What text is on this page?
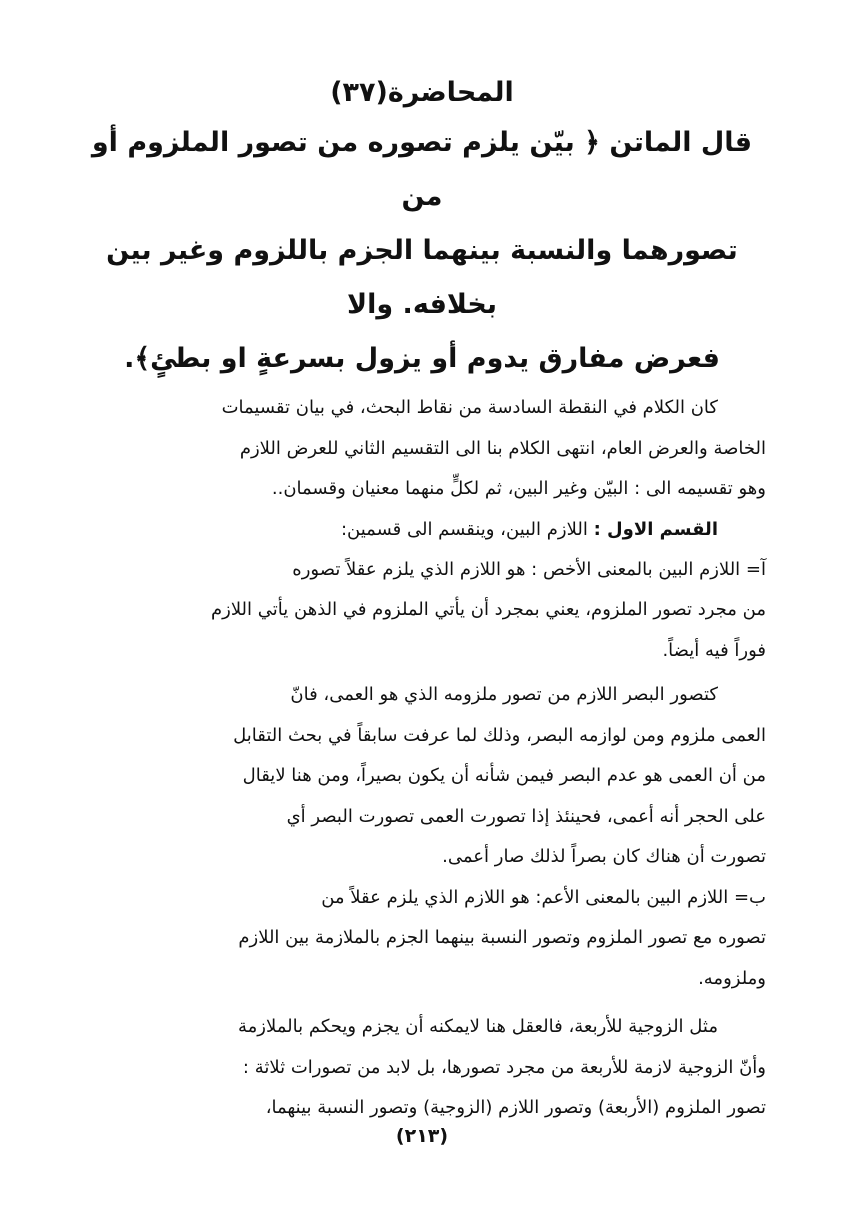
المحاضرة(٣٧)
قال الماتن ﴿ بيّن يلزم تصوره من تصور الملزوم أو من
تصورهما والنسبة بينهما الجزم باللزوم وغير بين بخلافه. والا
فعرض مفارق يدوم أو يزول بسرعةٍ او بطئٍ﴾.
كان الكلام في النقطة السادسة من نقاط البحث، في بيان تقسيمات
الخاصة والعرض العام، انتهى الكلام بنا الى التقسيم الثاني للعرض اللازم
وهو تقسيمه الى : البيّن وغير البين، ثم لكلٍّ منهما معنيان وقسمان..

القسم الاول : اللازم البين، وينقسم الى قسمين:

آ= اللازم البين بالمعنى الأخص : هو اللازم الذي يلزم عقلاً تصوره
من مجرد تصور الملزوم، يعني بمجرد أن يأتي الملزوم في الذهن يأتي اللازم
فوراً فيه أيضاً.
كتصور البصر اللازم من تصور ملزومه الذي هو العمى، فانّ
العمى ملزوم ومن لوازمه البصر، وذلك لما عرفت سابقاً في بحث التقابل
من أن العمى هو عدم البصر فيمن شأنه أن يكون بصيراً، ومن هنا لايقال
على الحجر أنه أعمى، فحينئذ إذا تصورت العمى تصورت البصر أي
تصورت أن هناك كان بصراً لذلك صار أعمى.
ب= اللازم البين بالمعنى الأعم: هو اللازم الذي يلزم عقلاً من
تصوره مع تصور الملزوم وتصور النسبة بينهما الجزم بالملازمة بين اللازم
وملزومه.
مثل الزوجية للأربعة، فالعقل هنا لايمكنه أن يجزم ويحكم بالملازمة
وأنّ الزوجية لازمة للأربعة من مجرد تصورها، بل لابد من تصورات ثلاثة :
تصور الملزوم (الأربعة) وتصور اللازم (الزوجية) وتصور النسبة بينهما،
(٢١٣)
